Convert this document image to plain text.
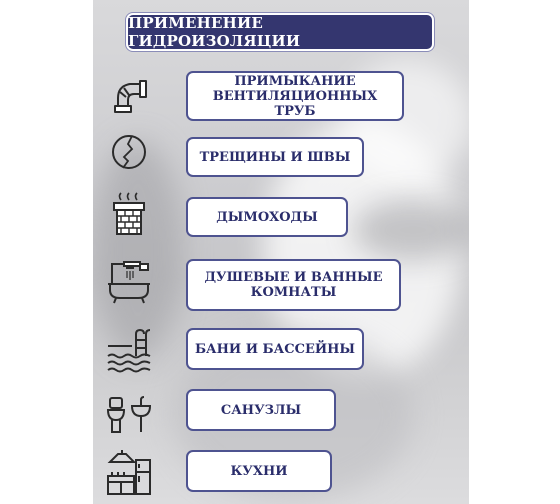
ПРИМЕНЕНИЕ ГИДРОИЗОЛЯЦИИ
ПРИМЫКАНИЕ
ВЕНТИЛЯЦИОННЫХ ТРУБ
ТРЕЩИНЫ И ШВЫ
ДЫМОХОДЫ
ДУШЕВЫЕ И ВАННЫЕ
КОМНАТЫ
БАНИ И БАССЕЙНЫ
САНУЗЛЫ
КУХНИ
